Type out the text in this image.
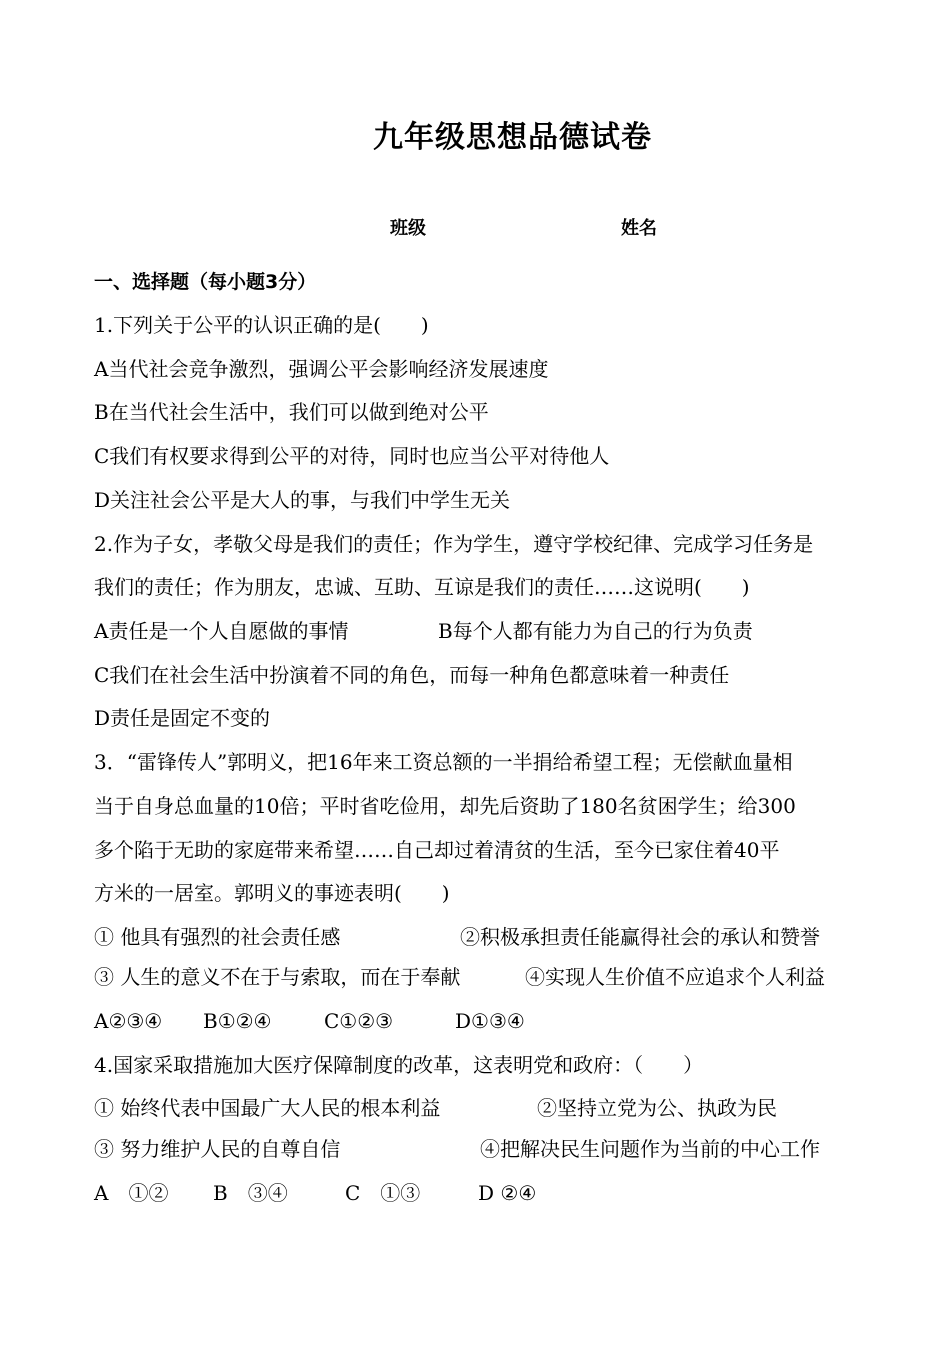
九年级思想品德试卷
班级	姓名
一、选择题（每小题3分）
1.下列关于公平的认识正确的是(　　)
A当代社会竞争激烈，强调公平会影响经济发展速度
B在当代社会生活中，我们可以做到绝对公平
C我们有权要求得到公平的对待，同时也应当公平对待他人
D关注社会公平是大人的事，与我们中学生无关
2.作为子女，孝敬父母是我们的责任；作为学生，遵守学校纪律、完成学习任务是
我们的责任；作为朋友，忠诚、互助、互谅是我们的责任……这说明(　　)
A责任是一个人自愿做的事情	B每个人都有能力为自己的行为负责
C我们在社会生活中扮演着不同的角色，而每一种角色都意味着一种责任
D责任是固定不变的
3．“雷锋传人”郭明义，把16年来工资总额的一半捐给希望工程；无偿献血量相
当于自身总血量的10倍；平时省吃俭用，却先后资助了180名贫困学生；给300
多个陷于无助的家庭带来希望……自己却过着清贫的生活，至今已家住着40平
方米的一居室。郭明义的事迹表明(　　)
① 他具有强烈的社会责任感	②积极承担责任能赢得社会的承认和赞誉
③ 人生的意义不在于与索取，而在于奉献	④实现人生价值不应追求个人利益
A②③④ B①②④	C①②③	D①③④
4.国家采取措施加大医疗保障制度的改革，这表明党和政府：（　　）
① 始终代表中国最广大人民的根本利益	②坚持立党为公、执政为民
③ 努力维护人民的自尊自信	④把解决民生问题作为当前的中心工作
A　①② B　③④	C　①③	D ②④
